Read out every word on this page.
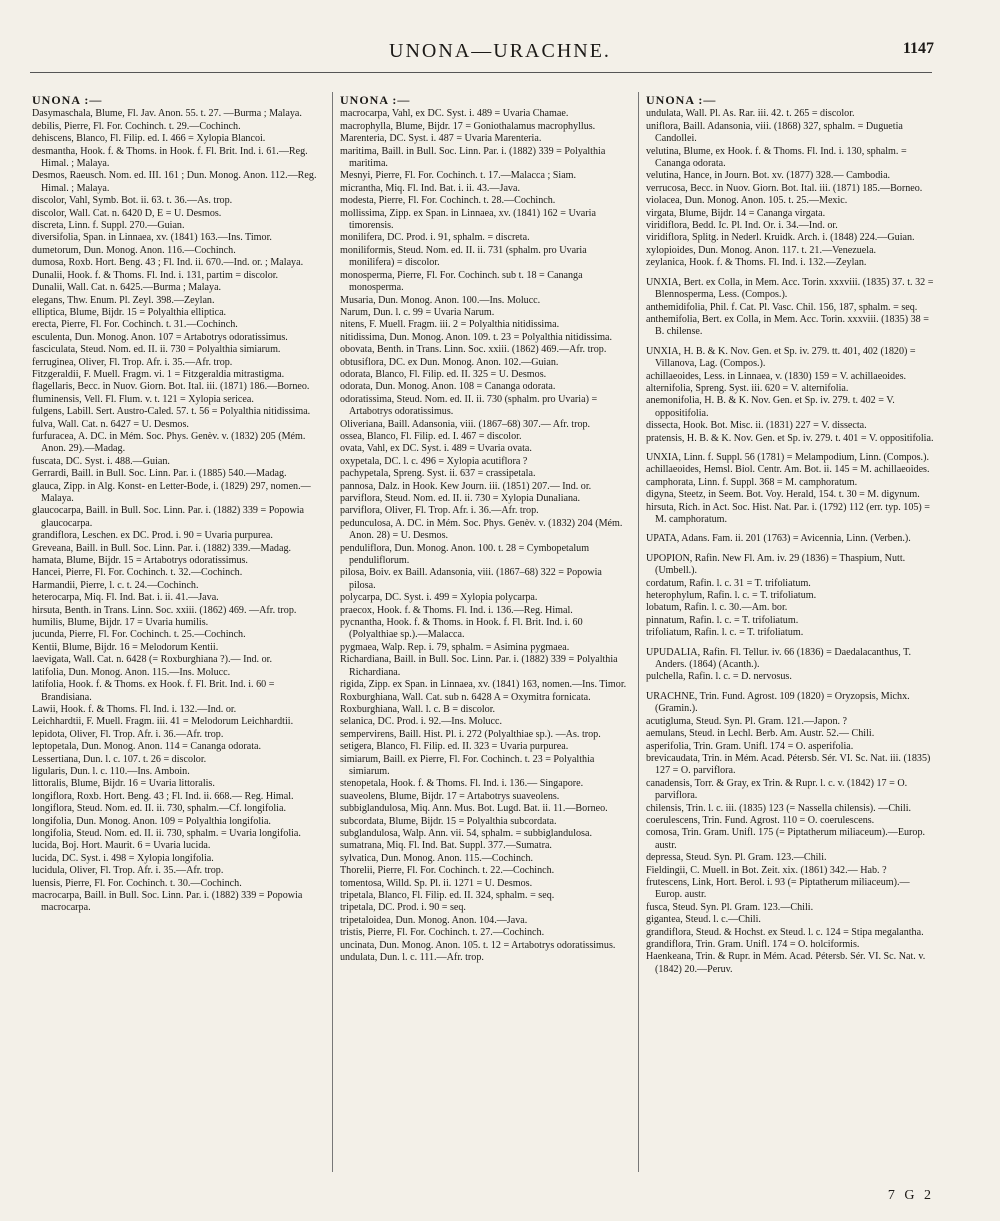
UNONA—URACHNE.	1147
UNONA :—

Dasymaschala, Blume, Fl. Jav. Anon. 55. t. 27. —Burma ; Malaya.

debilis, Pierre, Fl. For. Cochinch. t. 29.—Cochinch.

dehiscens, Blanco, Fl. Filip. ed. I. 466 = Xylopia Blancoi.

desmantha, Hook. f. & Thoms. in Hook. f. Fl. Brit. Ind. i. 61.—Reg. Himal. ; Malaya.

Desmos, Raeusch. Nom. ed. III. 161 ; Dun. Monog. Anon. 112.—Reg. Himal. ; Malaya.

discolor, Vahl, Symb. Bot. ii. 63. t. 36.—As. trop.

discolor, Wall. Cat. n. 6420 D, E = U. Desmos.

discreta, Linn. f. Suppl. 270.—Guian.

diversifolia, Span. in Linnaea, xv. (1841) 163.—Ins. Timor.

dumetorum, Dun. Monog. Anon. 116.—Cochinch.

dumosa, Roxb. Hort. Beng. 43 ; Fl. Ind. ii. 670.—Ind. or. ; Malaya.

Dunalii, Hook. f. & Thoms. Fl. Ind. i. 131, partim = discolor.

Dunalii, Wall. Cat. n. 6425.—Burma ; Malaya.

elegans, Thw. Enum. Pl. Zeyl. 398.—Zeylan.

elliptica, Blume, Bijdr. 15 = Polyalthia elliptica.

erecta, Pierre, Fl. For. Cochinch. t. 31.—Cochinch.

esculenta, Dun. Monog. Anon. 107 = Artabotrys odoratissimus.

fasciculata, Steud. Nom. ed. II. ii. 730 = Polyalthia simiarum.

ferruginea, Oliver, Fl. Trop. Afr. i. 35.—Afr. trop.

Fitzgeraldii, F. Muell. Fragm. vi. 1 = Fitzgeraldia mitrastigma.

flagellaris, Becc. in Nuov. Giorn. Bot. Ital. iii. (1871) 186.—Borneo.

fluminensis, Vell. Fl. Flum. v. t. 121 = Xylopia sericea.

fulgens, Labill. Sert. Austro-Caled. 57. t. 56 = Polyalthia nitidissima.

fulva, Wall. Cat. n. 6427 = U. Desmos.

furfuracea, A. DC. in Mém. Soc. Phys. Genèv. v. (1832) 205 (Mém. Anon. 29).—Madag.

fuscata, DC. Syst. i. 488.—Guian.

Gerrardi, Baill. in Bull. Soc. Linn. Par. i. (1885) 540.—Madag.

glauca, Zipp. in Alg. Konst- en Letter-Bode, i. (1829) 297, nomen.—Malaya.

glaucocarpa, Baill. in Bull. Soc. Linn. Par. i. (1882) 339 = Popowia glaucocarpa.

grandiflora, Leschen. ex DC. Prod. i. 90 = Uvaria purpurea.

Greveana, Baill. in Bull. Soc. Linn. Par. i. (1882) 339.—Madag.

hamata, Blume, Bijdr. 15 = Artabotrys odoratissimus.

Hancei, Pierre, Fl. For. Cochinch. t. 32.—Cochinch.

Harmandii, Pierre, l. c. t. 24.—Cochinch.

heterocarpa, Miq. Fl. Ind. Bat. i. ii. 41.—Java.

hirsuta, Benth. in Trans. Linn. Soc. xxiii. (1862) 469. —Afr. trop.

humilis, Blume, Bijdr. 17 = Uvaria humilis.

jucunda, Pierre, Fl. For. Cochinch. t. 25.—Cochinch.

Kentii, Blume, Bijdr. 16 = Melodorum Kentii.

laevigata, Wall. Cat. n. 6428 (= Roxburghiana ?).— Ind. or.

latifolia, Dun. Monog. Anon. 115.—Ins. Molucc.

latifolia, Hook. f. & Thoms. ex Hook. f. Fl. Brit. Ind. i. 60 = Brandisiana.

Lawii, Hook. f. & Thoms. Fl. Ind. i. 132.—Ind. or.

Leichhardtii, F. Muell. Fragm. iii. 41 = Melodorum Leichhardtii.

lepidota, Oliver, Fl. Trop. Afr. i. 36.—Afr. trop.

leptopetala, Dun. Monog. Anon. 114 = Cananga odorata.

Lessertiana, Dun. l. c. 107. t. 26 = discolor.

ligularis, Dun. l. c. 110.—Ins. Amboin.

littoralis, Blume, Bijdr. 16 = Uvaria littoralis.

longiflora, Roxb. Hort. Beng. 43 ; Fl. Ind. ii. 668.— Reg. Himal.

longiflora, Steud. Nom. ed. II. ii. 730, sphalm.—Cf. longifolia.

longifolia, Dun. Monog. Anon. 109 = Polyalthia longifolia.

longifolia, Steud. Nom. ed. II. ii. 730, sphalm. = Uvaria longifolia.

lucida, Boj. Hort. Maurit. 6 = Uvaria lucida.

lucida, DC. Syst. i. 498 = Xylopia longifolia.

lucidula, Oliver, Fl. Trop. Afr. i. 35.—Afr. trop.

luensis, Pierre, Fl. For. Cochinch. t. 30.—Cochinch.

macrocarpa, Baill. in Bull. Soc. Linn. Par. i. (1882) 339 = Popowia macrocarpa.

UNONA :—

macrocarpa, Vahl, ex DC. Syst. i. 489 = Uvaria Chamae.

macrophylla, Blume, Bijdr. 17 = Goniothalamus macrophyllus.

Marenteria, DC. Syst. i. 487 = Uvaria Marenteria.

maritima, Baill. in Bull. Soc. Linn. Par. i. (1882) 339 = Polyalthia maritima.

Mesnyi, Pierre, Fl. For. Cochinch. t. 17.—Malacca ; Siam.

micrantha, Miq. Fl. Ind. Bat. i. ii. 43.—Java.

modesta, Pierre, Fl. For. Cochinch. t. 28.—Cochinch.

mollissima, Zipp. ex Span. in Linnaea, xv. (1841) 162 = Uvaria timorensis.

monilifera, DC. Prod. i. 91, sphalm. = discreta.

moniliformis, Steud. Nom. ed. II. ii. 731 (sphalm. pro Uvaria monilifera) = discolor.

monosperma, Pierre, Fl. For. Cochinch. sub t. 18 = Cananga monosperma.

Musaria, Dun. Monog. Anon. 100.—Ins. Molucc.

Narum, Dun. l. c. 99 = Uvaria Narum.

nitens, F. Muell. Fragm. iii. 2 = Polyalthia nitidissima.

nitidissima, Dun. Monog. Anon. 109. t. 23 = Polyalthia nitidissima.

obovata, Benth. in Trans. Linn. Soc. xxiii. (1862) 469.—Afr. trop.

obtusiflora, DC. ex Dun. Monog. Anon. 102.—Guian.

odorata, Blanco, Fl. Filip. ed. II. 325 = U. Desmos.

odorata, Dun. Monog. Anon. 108 = Cananga odorata.

odoratissima, Steud. Nom. ed. II. ii. 730 (sphalm. pro Uvaria) = Artabotrys odoratissimus.

Oliveriana, Baill. Adansonia, viii. (1867–68) 307.— Afr. trop.

ossea, Blanco, Fl. Filip. ed. I. 467 = discolor.

ovata, Vahl, ex DC. Syst. i. 489 = Uvaria ovata.

oxypetala, DC. l. c. 496 = Xylopia acutiflora ?

pachypetala, Spreng. Syst. ii. 637 = crassipetala.

pannosa, Dalz. in Hook. Kew Journ. iii. (1851) 207.— Ind. or.

parviflora, Steud. Nom. ed. II. ii. 730 = Xylopia Dunaliana.

parviflora, Oliver, Fl. Trop. Afr. i. 36.—Afr. trop.

pedunculosa, A. DC. in Mém. Soc. Phys. Genèv. v. (1832) 204 (Mém. Anon. 28) = U. Desmos.

penduliflora, Dun. Monog. Anon. 100. t. 28 = Cymbopetalum penduliflorum.

pilosa, Boiv. ex Baill. Adansonia, viii. (1867–68) 322 = Popowia pilosa.

polycarpa, DC. Syst. i. 499 = Xylopia polycarpa.

praecox, Hook. f. & Thoms. Fl. Ind. i. 136.—Reg. Himal.

pycnantha, Hook. f. & Thoms. in Hook. f. Fl. Brit. Ind. i. 60 (Polyalthiae sp.).—Malacca.

pygmaea, Walp. Rep. i. 79, sphalm. = Asimina pygmaea.

Richardiana, Baill. in Bull. Soc. Linn. Par. i. (1882) 339 = Polyalthia Richardiana.

rigida, Zipp. ex Span. in Linnaea, xv. (1841) 163, nomen.—Ins. Timor.

Roxburghiana, Wall. Cat. sub n. 6428 A = Oxymitra fornicata.

Roxburghiana, Wall. l. c. B = discolor.

selanica, DC. Prod. i. 92.—Ins. Molucc.

sempervirens, Baill. Hist. Pl. i. 272 (Polyalthiae sp.). —As. trop.

setigera, Blanco, Fl. Filip. ed. II. 323 = Uvaria purpurea.

simiarum, Baill. ex Pierre, Fl. For. Cochinch. t. 23 = Polyalthia simiarum.

stenopetala, Hook. f. & Thoms. Fl. Ind. i. 136.— Singapore.

suaveolens, Blume, Bijdr. 17 = Artabotrys suaveolens.

subbiglandulosa, Miq. Ann. Mus. Bot. Lugd. Bat. ii. 11.—Borneo.

subcordata, Blume, Bijdr. 15 = Polyalthia subcordata.

subglandulosa, Walp. Ann. vii. 54, sphalm. = subbiglandulosa.

sumatrana, Miq. Fl. Ind. Bat. Suppl. 377.—Sumatra.

sylvatica, Dun. Monog. Anon. 115.—Cochinch.

Thorelii, Pierre, Fl. For. Cochinch. t. 22.—Cochinch.

tomentosa, Willd. Sp. Pl. ii. 1271 = U. Desmos.

tripetala, Blanco, Fl. Filip. ed. II. 324, sphalm. = seq.

tripetala, DC. Prod. i. 90 = seq.

tripetaloidea, Dun. Monog. Anon. 104.—Java.

tristis, Pierre, Fl. For. Cochinch. t. 27.—Cochinch.

uncinata, Dun. Monog. Anon. 105. t. 12 = Artabotrys odoratissimus.

undulata, Dun. l. c. 111.—Afr. trop.

UNONA :—

undulata, Wall. Pl. As. Rar. iii. 42. t. 265 = discolor.

uniflora, Baill. Adansonia, viii. (1868) 327, sphalm. = Duguetia Candollei.

velutina, Blume, ex Hook. f. & Thoms. Fl. Ind. i. 130, sphalm. = Cananga odorata.

velutina, Hance, in Journ. Bot. xv. (1877) 328.— Cambodia.

verrucosa, Becc. in Nuov. Giorn. Bot. Ital. iii. (1871) 185.—Borneo.

violacea, Dun. Monog. Anon. 105. t. 25.—Mexic.

virgata, Blume, Bijdr. 14 = Cananga virgata.

viridiflora, Bedd. Ic. Pl. Ind. Or. i. 34.—Ind. or.

viridiflora, Splitg. in Nederl. Kruidk. Arch. i. (1848) 224.—Guian.

xylopioides, Dun. Monog. Anon. 117. t. 21.—Venezuela.

zeylanica, Hook. f. & Thoms. Fl. Ind. i. 132.—Zeylan.

UNXIA, Bert. ex Colla, in Mem. Acc. Torin. xxxviii. (1835) 37. t. 32 = Blennosperma, Less. (Compos.).

anthemidifolia, Phil. f. Cat. Pl. Vasc. Chil. 156, 187, sphalm. = seq.

anthemifolia, Bert. ex Colla, in Mem. Acc. Torin. xxxviii. (1835) 38 = B. chilense.

UNXIA, H. B. & K. Nov. Gen. et Sp. iv. 279. tt. 401, 402 (1820) = Villanova, Lag. (Compos.).

achillaeoides, Less. in Linnaea, v. (1830) 159 = V. achillaeoides.

alternifolia, Spreng. Syst. iii. 620 = V. alternifolia.

anemonifolia, H. B. & K. Nov. Gen. et Sp. iv. 279. t. 402 = V. oppositifolia.

dissecta, Hook. Bot. Misc. ii. (1831) 227 = V. dissecta.

pratensis, H. B. & K. Nov. Gen. et Sp. iv. 279. t. 401 = V. oppositifolia.

UNXIA, Linn. f. Suppl. 56 (1781) = Melampodium, Linn. (Compos.).

achillaeoides, Hemsl. Biol. Centr. Am. Bot. ii. 145 = M. achillaeoides.

camphorata, Linn. f. Suppl. 368 = M. camphoratum.

digyna, Steetz, in Seem. Bot. Voy. Herald, 154. t. 30 = M. digynum.

hirsuta, Rich. in Act. Soc. Hist. Nat. Par. i. (1792) 112 (err. typ. 105) = M. camphoratum.

UPATA, Adans. Fam. ii. 201 (1763) = Avicennia, Linn. (Verben.).

UPOPION, Rafin. New Fl. Am. iv. 29 (1836) = Thaspium, Nutt. (Umbell.).

cordatum, Rafin. l. c. 31 = T. trifoliatum.

heterophylum, Rafin. l. c. = T. trifoliatum.

lobatum, Rafin. l. c. 30.—Am. bor.

pinnatum, Rafin. l. c. = T. trifoliatum.

trifoliatum, Rafin. l. c. = T. trifoliatum.

UPUDALIA, Rafin. Fl. Tellur. iv. 66 (1836) = Daedalacanthus, T. Anders. (1864) (Acanth.).

pulchella, Rafin. l. c. = D. nervosus.

URACHNE, Trin. Fund. Agrost. 109 (1820) = Oryzopsis, Michx. (Gramin.).

acutiglumа, Steud. Syn. Pl. Gram. 121.—Japon. ?

aemulans, Steud. in Lechl. Berb. Am. Austr. 52.— Chili.

asperifolia, Trin. Gram. Unifl. 174 = O. asperifolia.

brevicaudata, Trin. in Mém. Acad. Pétersb. Sér. VI. Sc. Nat. iii. (1835) 127 = O. parviflora.

canadensis, Torr. & Gray, ex Trin. & Rupr. l. c. v. (1842) 17 = O. parviflora.

chilensis, Trin. l. c. iii. (1835) 123 (= Nassella chilensis). —Chili.

coerulescens, Trin. Fund. Agrost. 110 = O. coerulescens.

comosa, Trin. Gram. Unifl. 175 (= Piptatherum miliaceum).—Europ. austr.

depressa, Steud. Syn. Pl. Gram. 123.—Chili.

Fieldingii, C. Muell. in Bot. Zeit. xix. (1861) 342.— Hab. ?

frutescens, Link, Hort. Berol. i. 93 (= Piptatherum miliaceum).—Europ. austr.

fusca, Steud. Syn. Pl. Gram. 123.—Chili.

gigantea, Steud. l. c.—Chili.

grandiflora, Steud. & Hochst. ex Steud. l. c. 124 = Stipa megalantha.

grandiflora, Trin. Gram. Unifl. 174 = O. holciformis.

Haenkeana, Trin. & Rupr. in Mém. Acad. Pétersb. Sér. VI. Sc. Nat. v. (1842) 20.—Peruv.

7 G 2
